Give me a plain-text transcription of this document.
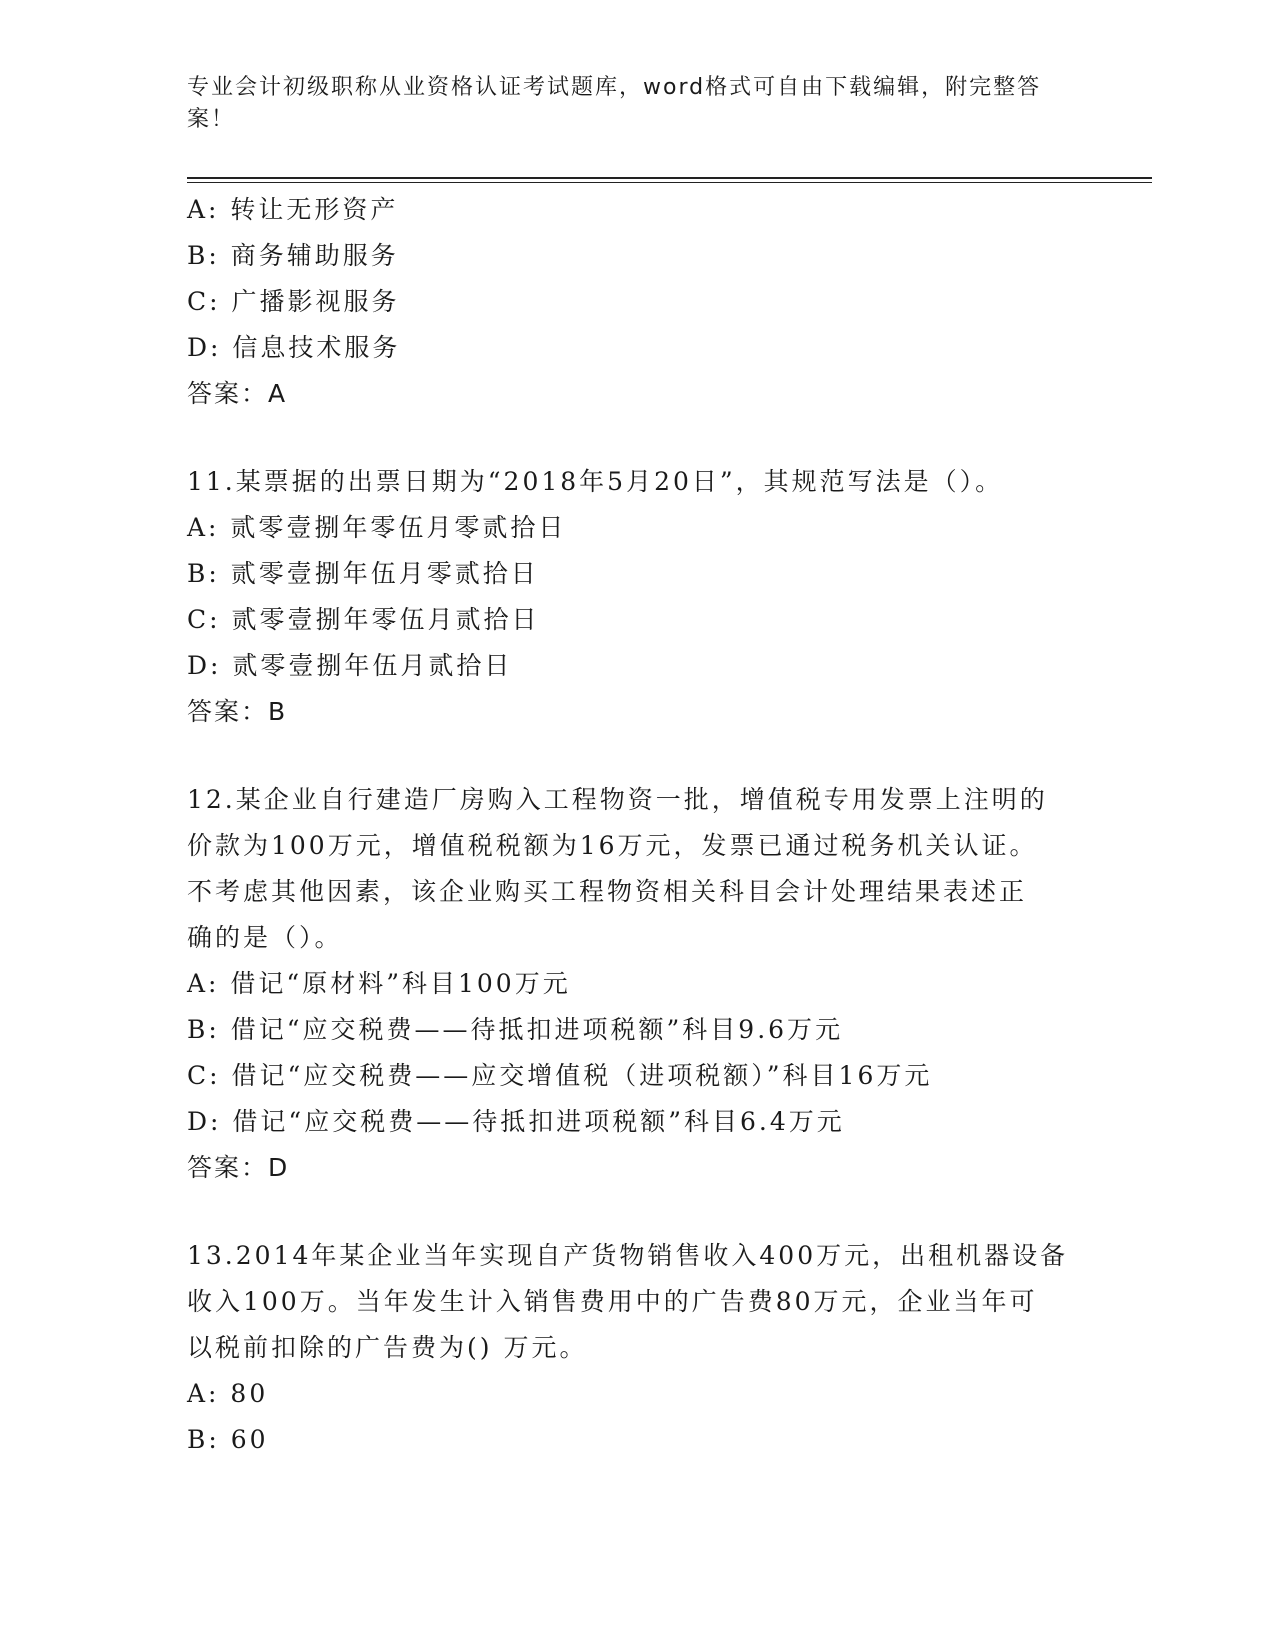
专业会计初级职称从业资格认证考试题库，word格式可自由下载编辑，附完整答
案！
A: 转让无形资产
B: 商务辅助服务
C: 广播影视服务
D: 信息技术服务
答案：A
11.某票据的出票日期为“2018年5月20日”，其规范写法是（）。
A: 贰零壹捌年零伍月零贰拾日
B: 贰零壹捌年伍月零贰拾日
C: 贰零壹捌年零伍月贰拾日
D: 贰零壹捌年伍月贰拾日
答案：B
12.某企业自行建造厂房购入工程物资一批，增值税专用发票上注明的
价款为100万元，增值税税额为16万元，发票已通过税务机关认证。
不考虑其他因素，该企业购买工程物资相关科目会计处理结果表述正
确的是（）。
A: 借记“原材料”科目100万元
B: 借记“应交税费——待抵扣进项税额”科目9.6万元
C: 借记“应交税费——应交增值税（进项税额）”科目16万元
D: 借记“应交税费——待抵扣进项税额”科目6.4万元
答案：D
13.2014年某企业当年实现自产货物销售收入400万元，出租机器设备
收入100万。当年发生计入销售费用中的广告费80万元，企业当年可
以税前扣除的广告费为() 万元。
A: 80
B: 60
